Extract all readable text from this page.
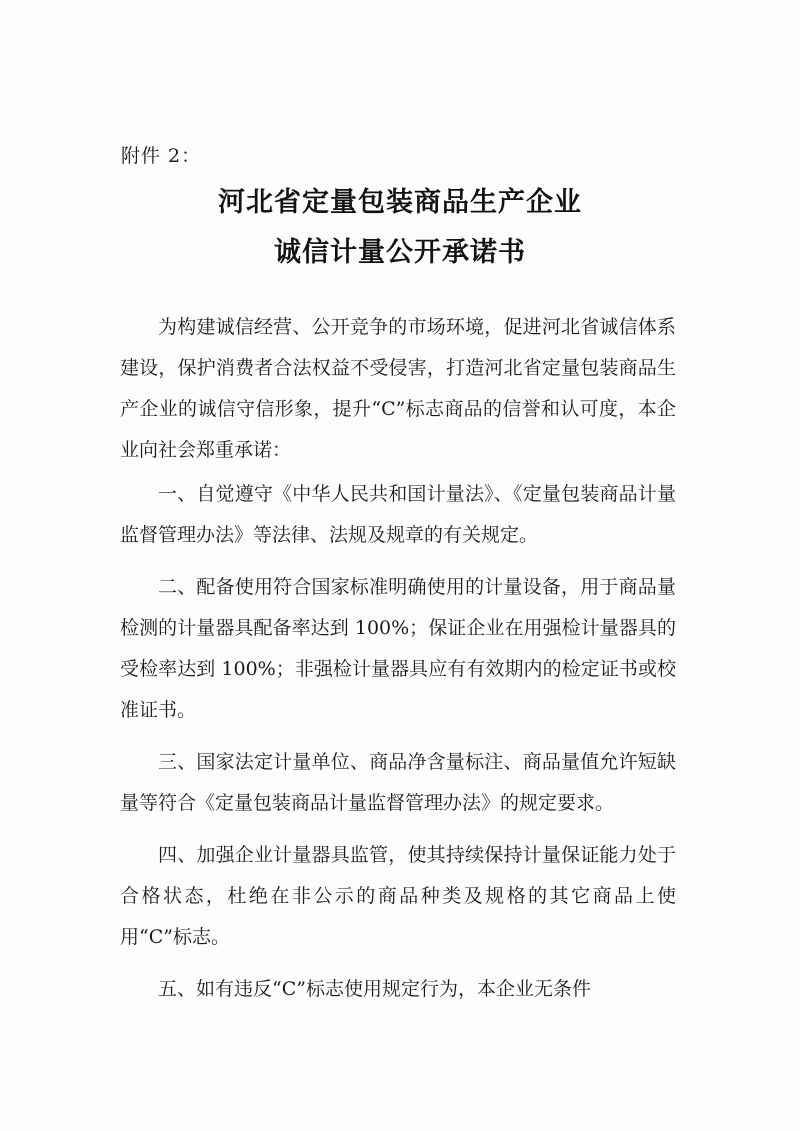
附件 2：
河北省定量包装商品生产企业
诚信计量公开承诺书

为构建诚信经营、公开竞争的市场环境，促进河北省诚信体系建设，保护消费者合法权益不受侵害，打造河北省定量包装商品生产企业的诚信守信形象，提升“C”标志商品的信誉和认可度，本企业向社会郑重承诺：

一、自觉遵守《中华人民共和国计量法》、《定量包装商品计量监督管理办法》等法律、法规及规章的有关规定。

二、配备使用符合国家标准明确使用的计量设备，用于商品量检测的计量器具配备率达到 100%；保证企业在用强检计量器具的受检率达到 100%；非强检计量器具应有有效期内的检定证书或校准证书。

三、国家法定计量单位、商品净含量标注、商品量值允许短缺量等符合《定量包装商品计量监督管理办法》的规定要求。

四、加强企业计量器具监管，使其持续保持计量保证能力处于合格状态，杜绝在非公示的商品种类及规格的其它商品上使用“C”标志。

五、如有违反“C”标志使用规定行为，本企业无条件
